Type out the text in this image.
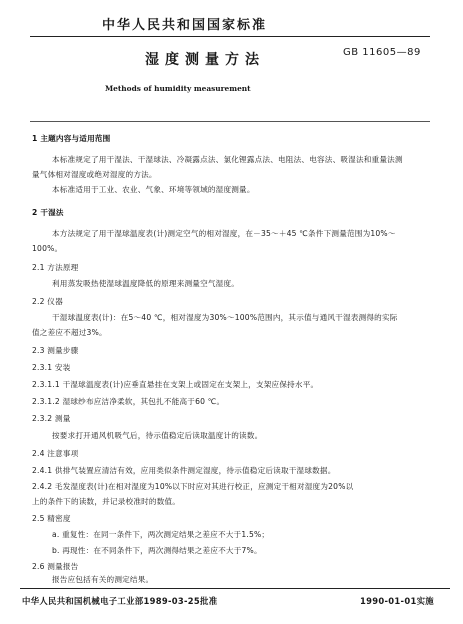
中华人民共和国国家标准
湿度测量方法	GB 11605—89
Methods of humidity measurement
1 主题内容与适用范围
本标准规定了用干湿法、干湿球法、冷凝露点法、氯化锂露点法、电阻法、电容法、吸湿法和重量法测
量气体相对湿度或绝对湿度的方法。
本标准适用于工业、农业、气象、环境等领域的湿度测量。
2 干湿法
本方法规定了用干湿球温度表(计)测定空气的相对湿度，在－35～＋45 ℃条件下测量范围为10%～
100%。
2.1 方法原理
利用蒸发吸热使湿球温度降低的原理来测量空气湿度。
2.2 仪器
干湿球温度表(计)：在5～40 ℃，相对湿度为30%～100%范围内，其示值与通风干湿表测得的实际
值之差应不超过3%。
2.3 测量步骤
2.3.1 安装
2.3.1.1 干湿球温度表(计)应垂直悬挂在支架上或固定在支架上，支架应保持水平。
2.3.1.2 湿球纱布应洁净柔软，其包扎不能高于60 ℃。
2.3.2 测量
按要求打开通风机吸气后，待示值稳定后读取温度计的读数。
2.4 注意事项
2.4.1 供排气装置应清洁有效，应用类似条件测定湿度，待示值稳定后读取干湿球数据。
2.4.2 毛发湿度表(计)在相对湿度为10%以下时应对其进行校正，应测定干相对湿度为20%以
上的条件下的读数，并记录校准时的数值。
2.5 精密度
a. 重复性：在同一条件下，两次测定结果之差应不大于1.5%；
b. 再现性：在不同条件下，两次测得结果之差应不大于7%。
2.6 测量报告
报告应包括有关的测定结果。
中华人民共和国机械电子工业部1989-03-25批准	1990-01-01实施
